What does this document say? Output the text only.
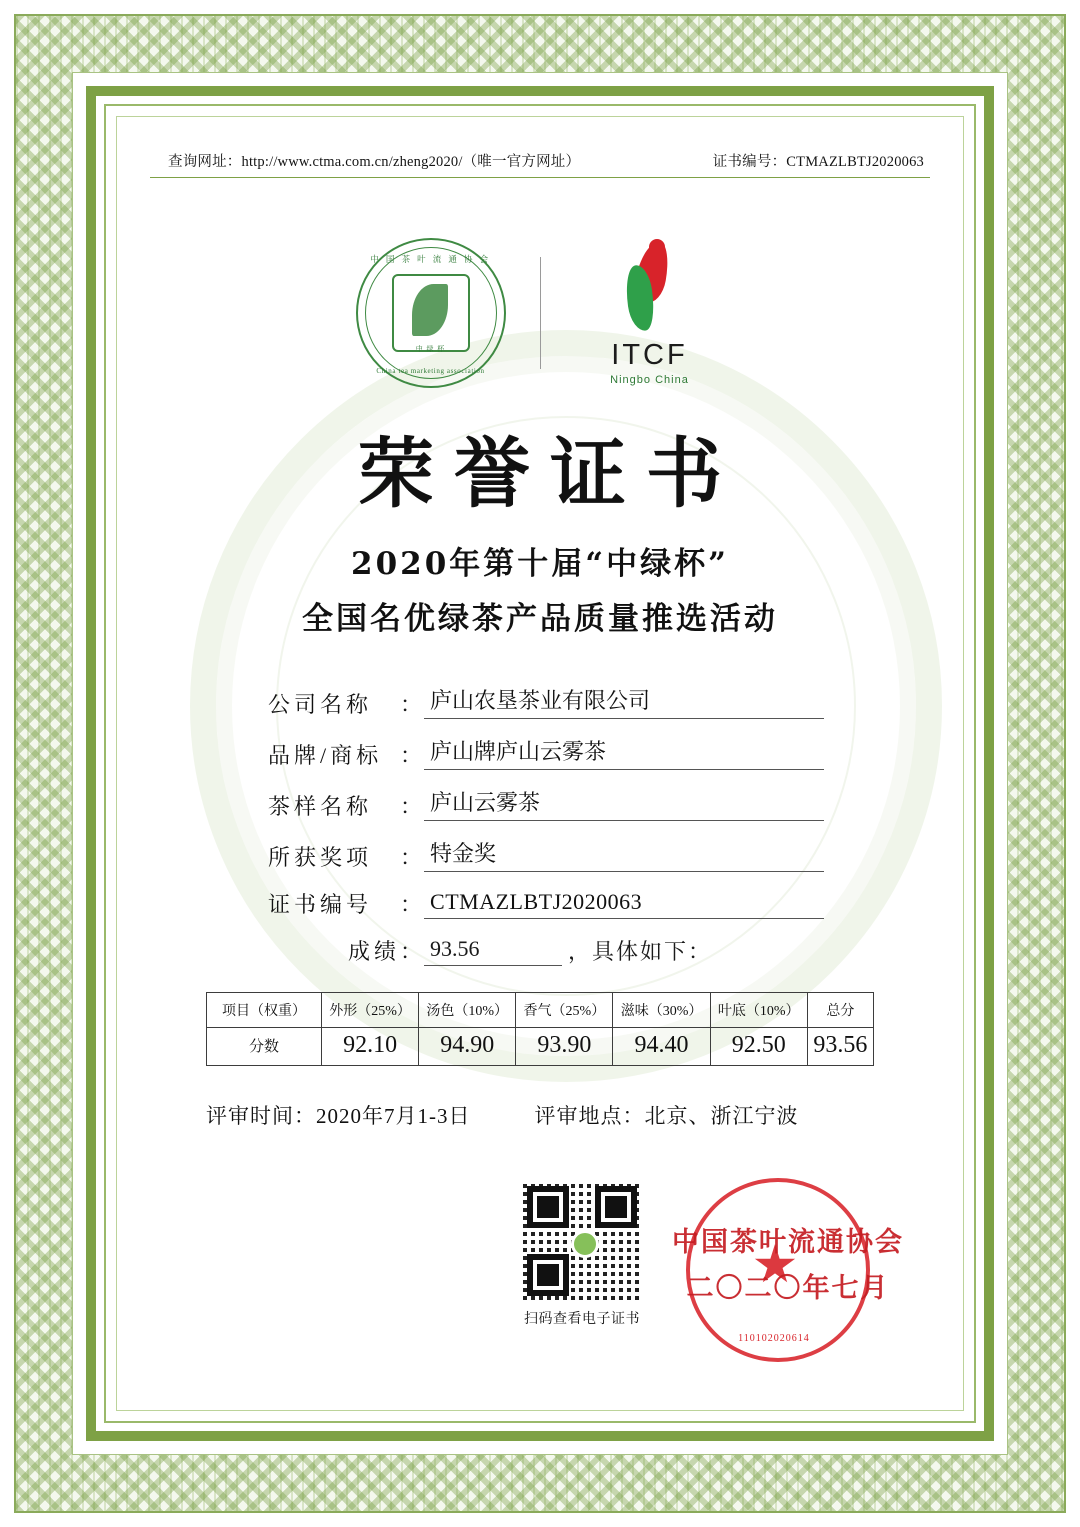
查询网址：http://www.ctma.com.cn/zheng2020/（唯一官方网址）	证书编号：CTMAZLBTJ2020063
中 国 茶 叶 流 通 协 会
中 绿 杯
China tea marketing association	ITCF
Ningbo China
荣誉证书
2020年第十届“中绿杯”
全国名优绿茶产品质量推选活动
公司名称	： 庐山农垦茶业有限公司
品牌/商标 ： 庐山牌庐山云雾茶
茶样名称	： 庐山云雾茶
所获奖项	： 特金奖
证书编号	： CTMAZLBTJ2020063
成绩 ： 93.56	，具体如下：
项目（权重）	外形（25%）	汤色（10%）	香气（25%）	滋味（30%）	叶底（10%）	总分
分数	92.10	94.90	93.90	94.40	92.50	93.56
评审时间：2020年7月1-3日	评审地点：北京、浙江宁波
扫码查看电子证书
110102020614
中国茶叶流通协会
二〇二〇年七月
